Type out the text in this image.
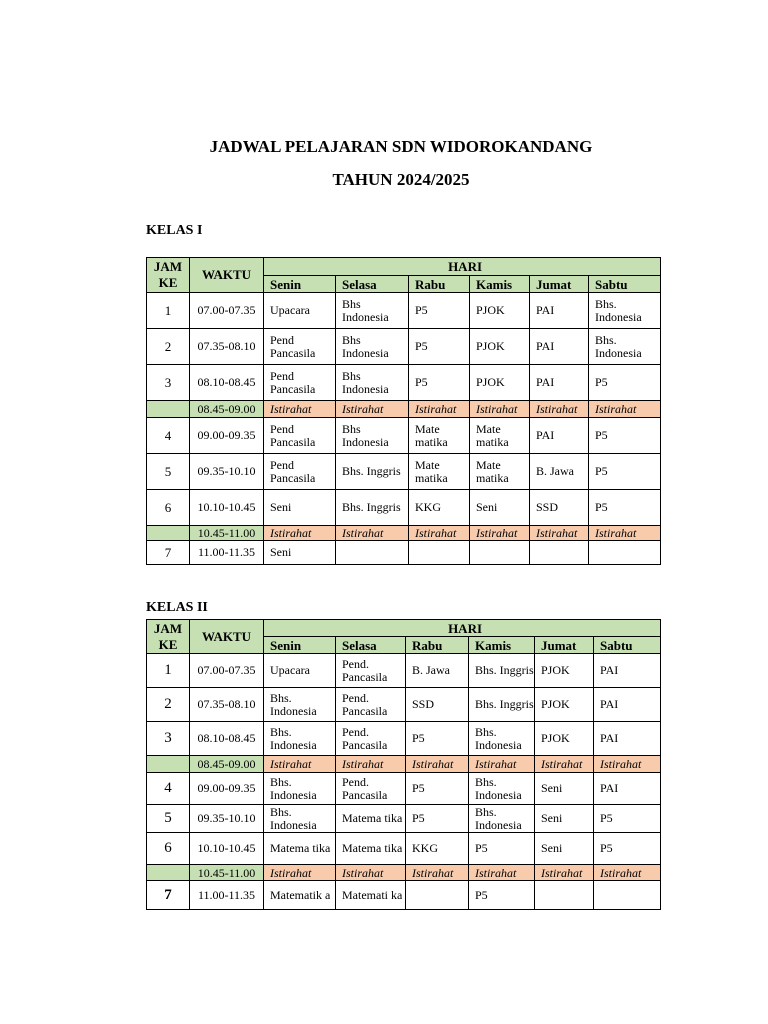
JADWAL PELAJARAN SDN WIDOROKANDANG
TAHUN 2024/2025
KELAS I
JAM KE	WAKTU	HARI					
		Senin	Selasa	Rabu	Kamis	Jumat	Sabtu
1	07.00-07.35	Upacara	Bhs Indonesia	P5	PJOK	PAI	Bhs. Indonesia
2	07.35-08.10	Pend Pancasila	Bhs Indonesia	P5	PJOK	PAI	Bhs. Indonesia
3	08.10-08.45	Pend Pancasila	Bhs Indonesia	P5	PJOK	PAI	P5
	08.45-09.00	Istirahat	Istirahat	Istirahat	Istirahat	Istirahat	Istirahat
4	09.00-09.35	Pend Pancasila	Bhs Indonesia	Mate matika	Mate matika	PAI	P5
5	09.35-10.10	Pend Pancasila	Bhs. Inggris	Mate matika	Mate matika	B. Jawa	P5
6	10.10-10.45	Seni	Bhs. Inggris	KKG	Seni	SSD	P5
	10.45-11.00	Istirahat	Istirahat	Istirahat	Istirahat	Istirahat	Istirahat
7	11.00-11.35	Seni					
KELAS II
JAM KE	WAKTU	HARI					
		Senin	Selasa	Rabu	Kamis	Jumat	Sabtu
1	07.00-07.35	Upacara	Pend. Pancasila	B. Jawa	Bhs. Inggris	PJOK	PAI
2	07.35-08.10	Bhs. Indonesia	Pend. Pancasila	SSD	Bhs. Inggris	PJOK	PAI
3	08.10-08.45	Bhs. Indonesia	Pend. Pancasila	P5	Bhs. Indonesia	PJOK	PAI
	08.45-09.00	Istirahat	Istirahat	Istirahat	Istirahat	Istirahat	Istirahat
4	09.00-09.35	Bhs. Indonesia	Pend. Pancasila	P5	Bhs. Indonesia	Seni	PAI
5	09.35-10.10	Bhs. Indonesia	Matema tika	P5	Bhs. Indonesia	Seni	P5
6	10.10-10.45	Matema tika	Matema tika	KKG	P5	Seni	P5
	10.45-11.00	Istirahat	Istirahat	Istirahat	Istirahat	Istirahat	Istirahat
7	11.00-11.35	Matematik a	Matemati ka		P5		
